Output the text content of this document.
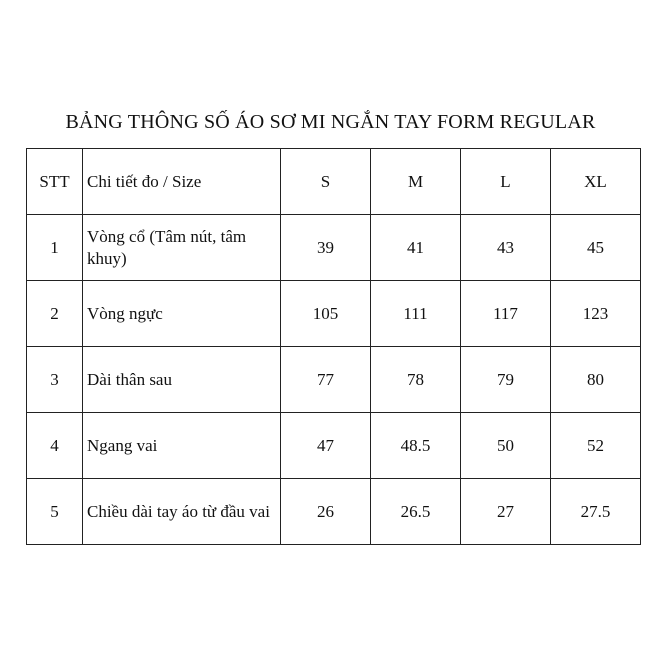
BẢNG THÔNG SỐ ÁO SƠ MI NGẮN TAY FORM REGULAR
STT	Chi tiết đo / Size	S	M	L	XL
1	Vòng cổ (Tâm nút, tâm khuy)	39	41	43	45
2	Vòng ngực	105	111	117	123
3	Dài thân sau	77	78	79	80
4	Ngang vai	47	48.5	50	52
5	Chiều dài tay áo từ đầu vai	26	26.5	27	27.5
